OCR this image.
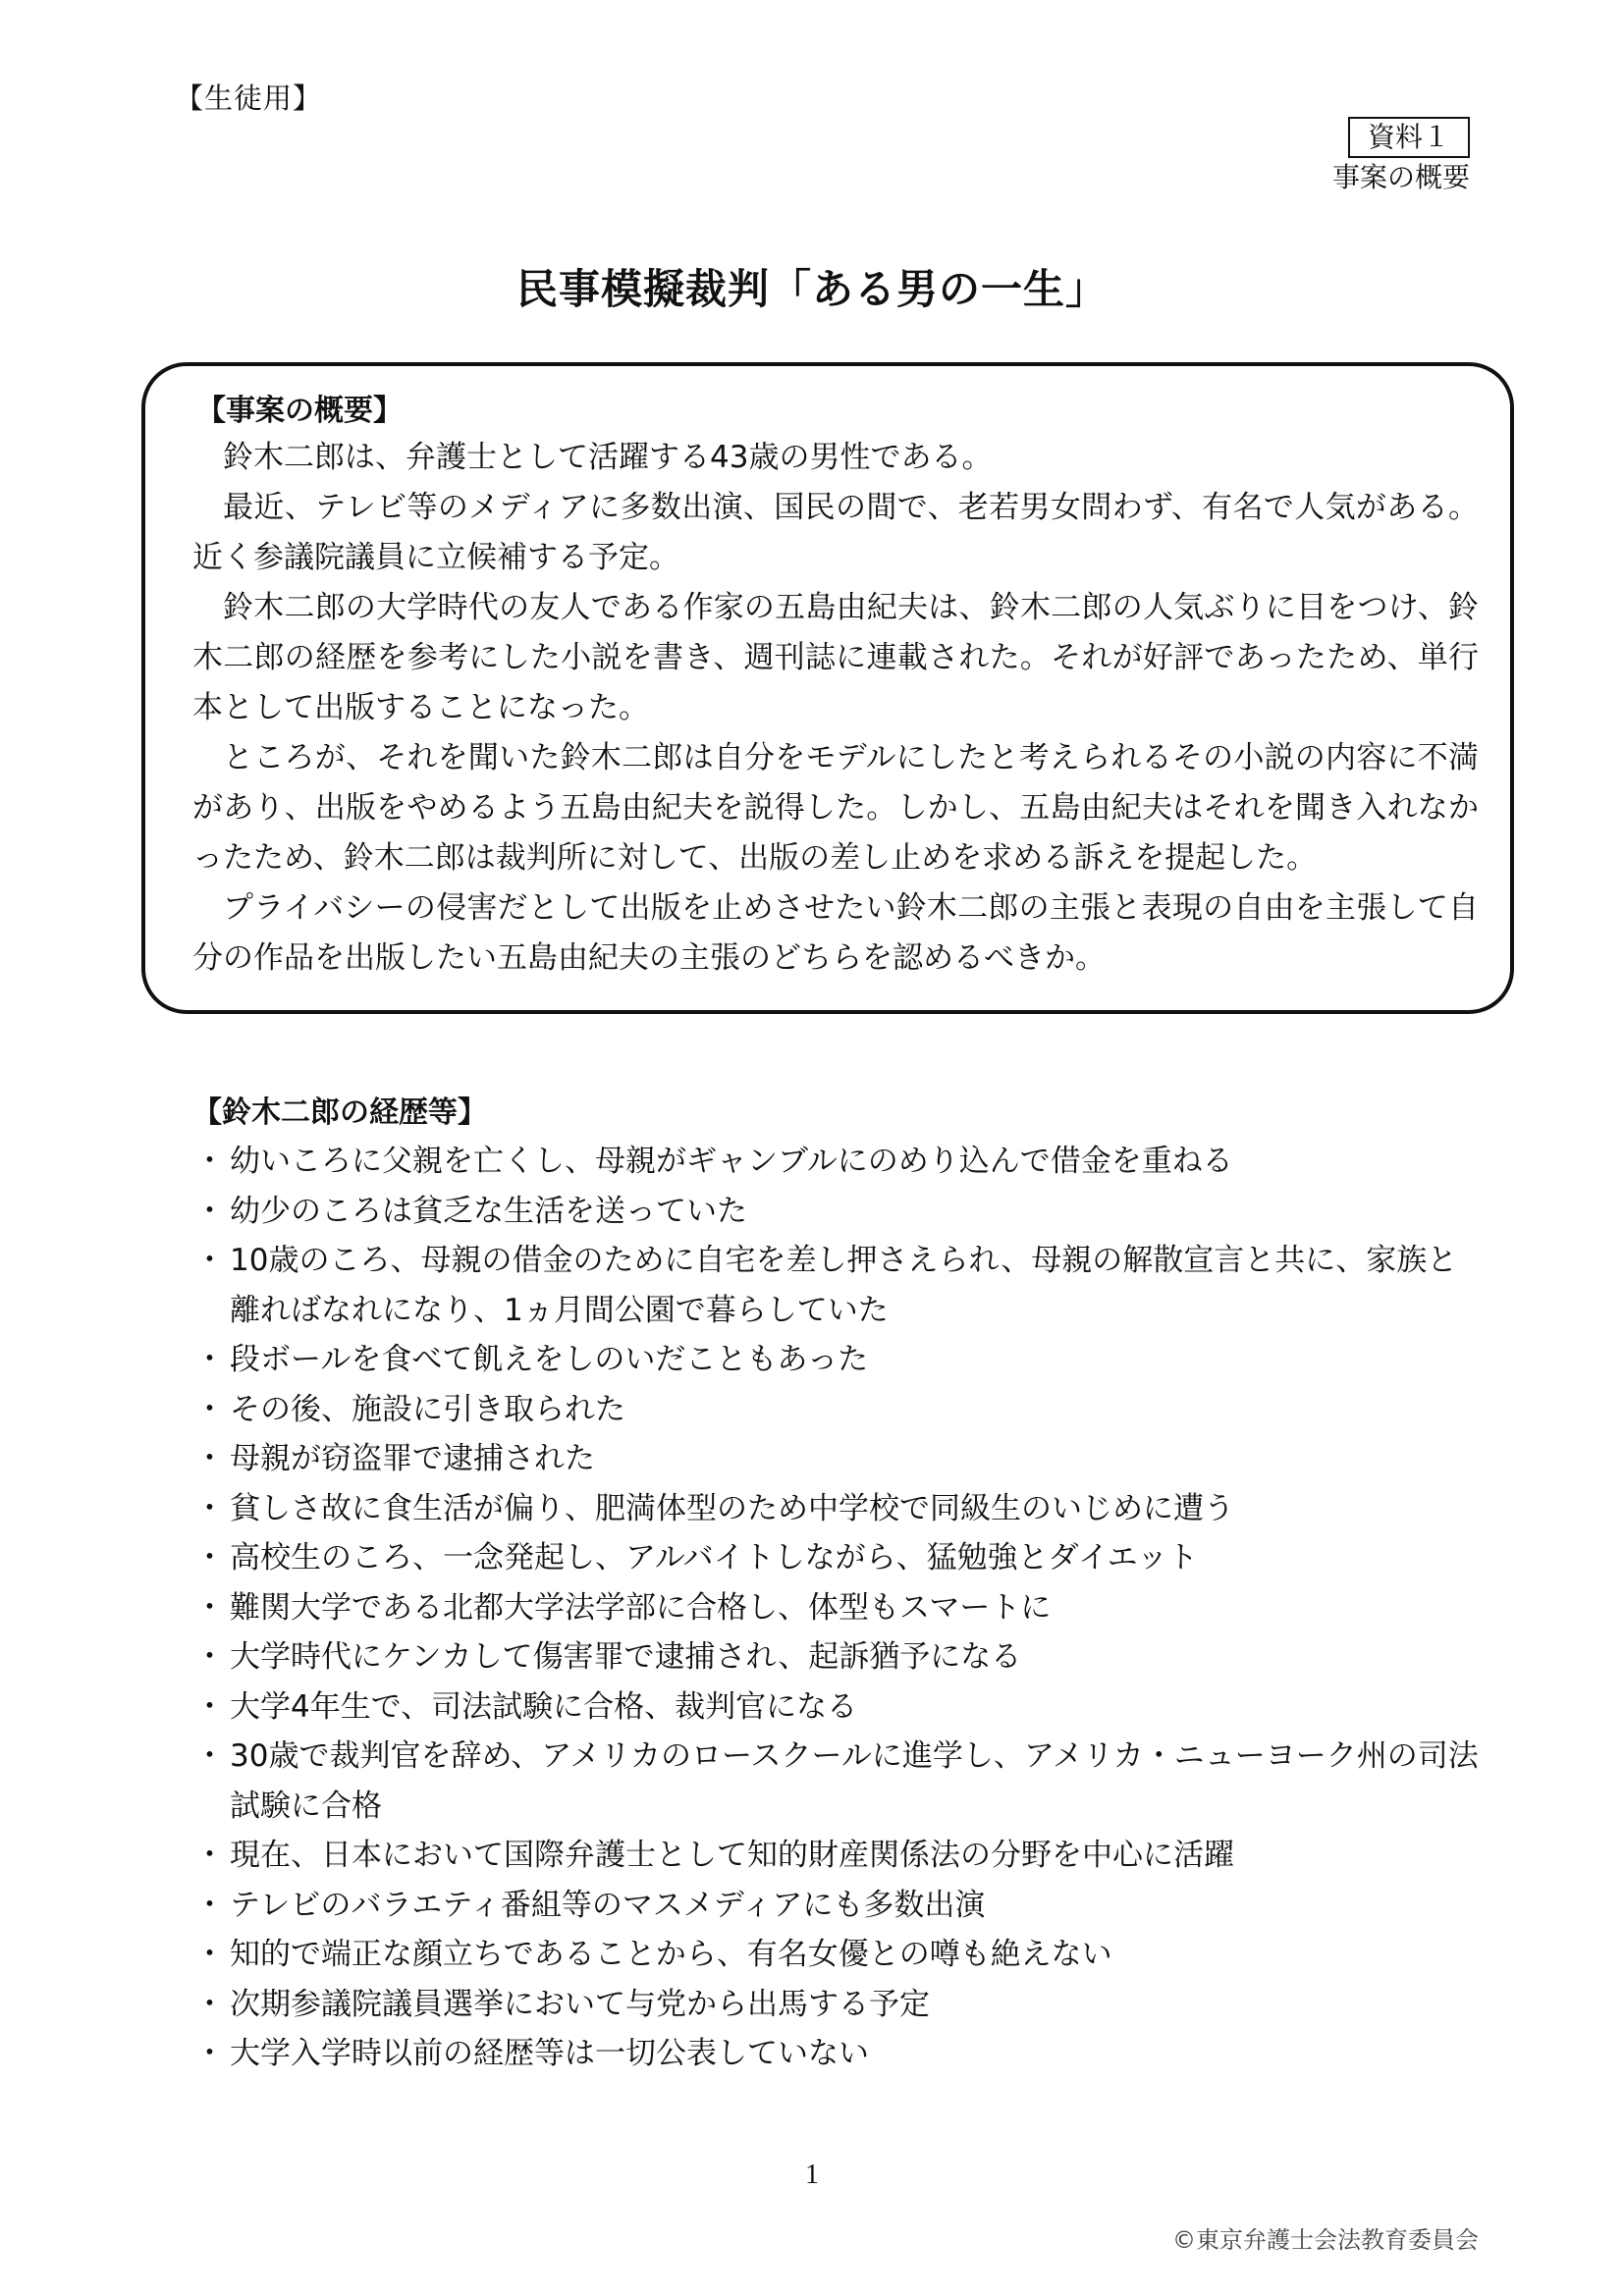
【生徒用】
資料１
事案の概要
民事模擬裁判「ある男の一生」
【事案の概要】

鈴木二郎は、弁護士として活躍する43歳の男性である。

最近、テレビ等のメディアに多数出演、国民の間で、老若男女問わず、有名で人気がある。近く参議院議員に立候補する予定。

鈴木二郎の大学時代の友人である作家の五島由紀夫は、鈴木二郎の人気ぶりに目をつけ、鈴木二郎の経歴を参考にした小説を書き、週刊誌に連載された。それが好評であったため、単行本として出版することになった。

ところが、それを聞いた鈴木二郎は自分をモデルにしたと考えられるその小説の内容に不満があり、出版をやめるよう五島由紀夫を説得した。しかし、五島由紀夫はそれを聞き入れなかったため、鈴木二郎は裁判所に対して、出版の差し止めを求める訴えを提起した。

プライバシーの侵害だとして出版を止めさせたい鈴木二郎の主張と表現の自由を主張して自分の作品を出版したい五島由紀夫の主張のどちらを認めるべきか。

【鈴木二郎の経歴等】
・ 幼いころに父親を亡くし、母親がギャンブルにのめり込んで借金を重ねる
・ 幼少のころは貧乏な生活を送っていた
・ 10歳のころ、母親の借金のために自宅を差し押さえられ、母親の解散宣言と共に、家族と離ればなれになり、1ヵ月間公園で暮らしていた
・ 段ボールを食べて飢えをしのいだこともあった
・ その後、施設に引き取られた
・ 母親が窃盗罪で逮捕された
・ 貧しさ故に食生活が偏り、肥満体型のため中学校で同級生のいじめに遭う
・ 高校生のころ、一念発起し、アルバイトしながら、猛勉強とダイエット
・ 難関大学である北都大学法学部に合格し、体型もスマートに
・ 大学時代にケンカして傷害罪で逮捕され、起訴猶予になる
・ 大学4年生で、司法試験に合格、裁判官になる
・ 30歳で裁判官を辞め、アメリカのロースクールに進学し、アメリカ・ニューヨーク州の司法試験に合格
・ 現在、日本において国際弁護士として知的財産関係法の分野を中心に活躍
・ テレビのバラエティ番組等のマスメディアにも多数出演
・ 知的で端正な顔立ちであることから、有名女優との噂も絶えない
・ 次期参議院議員選挙において与党から出馬する予定
・ 大学入学時以前の経歴等は一切公表していない
1
©東京弁護士会法教育委員会
